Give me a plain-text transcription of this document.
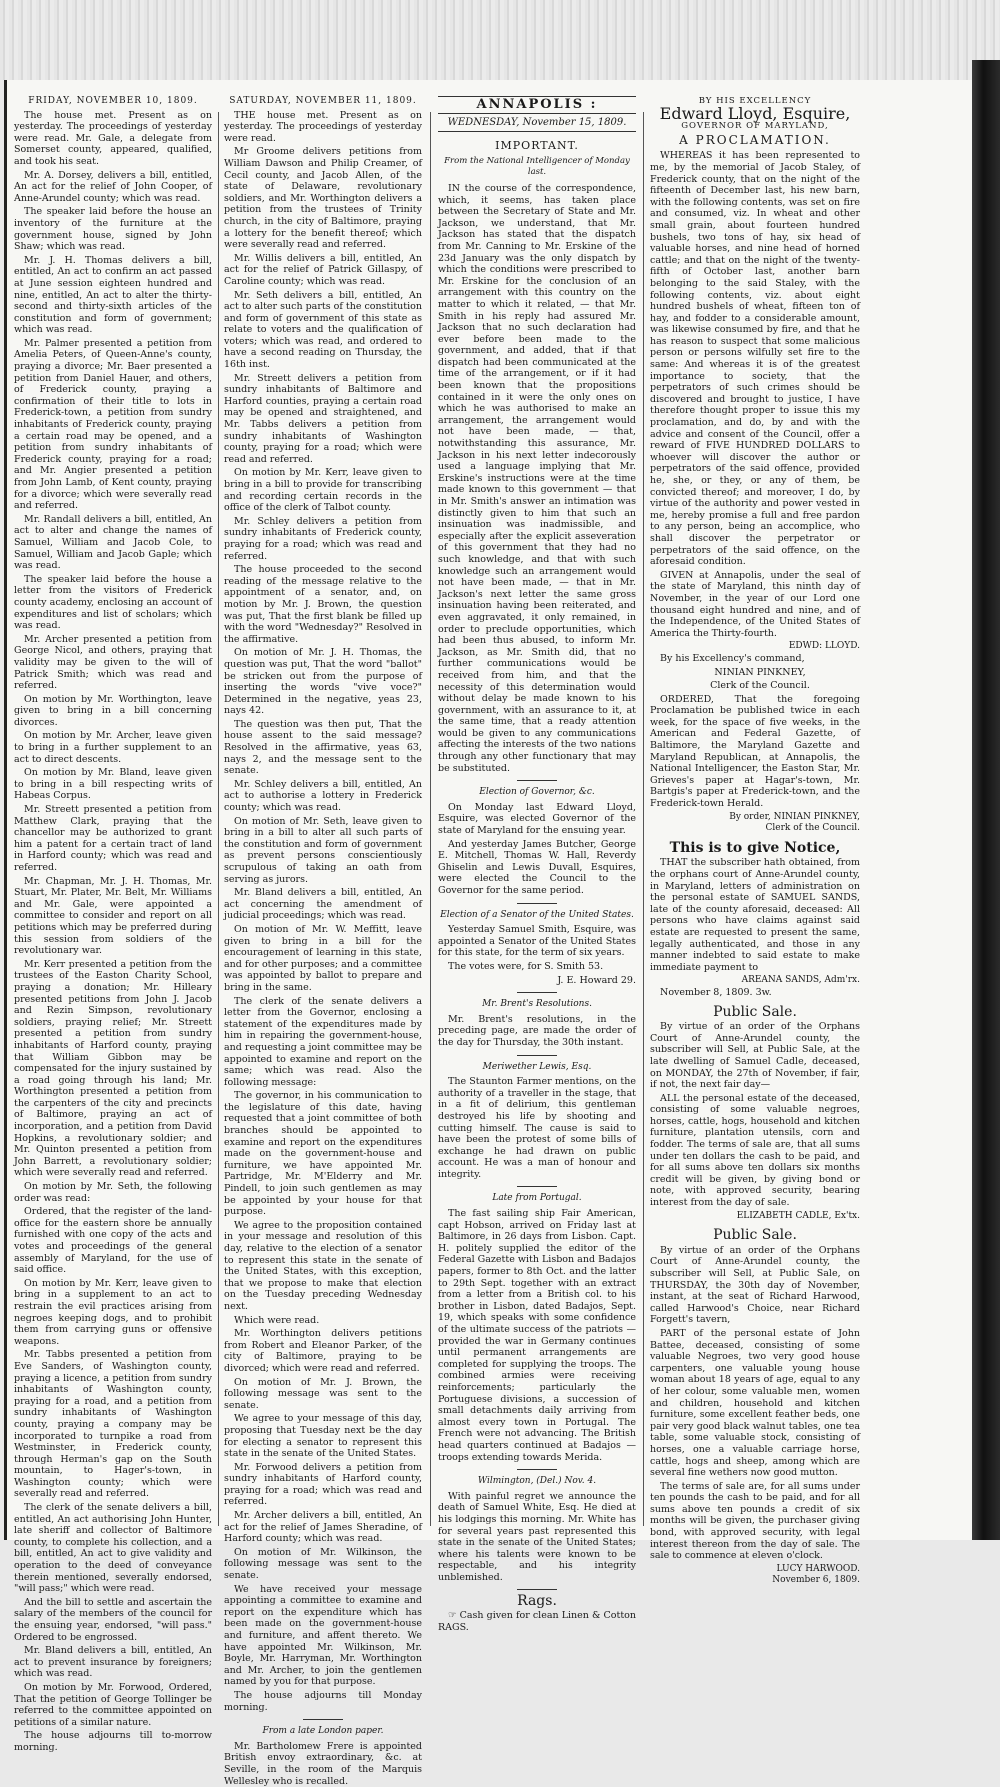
FRIDAY, NOVEMBER 10, 1809.

The house met. Present as on yesterday. The proceedings of yesterday were read. Mr. Gale, a delegate from Somerset county, appeared, qualified, and took his seat.

Mr. A. Dorsey, delivers a bill, entitled, An act for the relief of John Cooper, of Anne-Arundel county; which was read.

The speaker laid before the house an inventory of the furniture at the government house, signed by John Shaw; which was read.

Mr. J. H. Thomas delivers a bill, entitled, An act to confirm an act passed at June session eighteen hundred and nine, entitled, An act to alter the thirty-second and thirty-sixth articles of the constitution and form of government; which was read.

Mr. Palmer presented a petition from Amelia Peters, of Queen-Anne's county, praying a divorce; Mr. Baer presented a petition from Daniel Hauer, and others, of Frederick county, praying a confirmation of their title to lots in Frederick-town, a petition from sundry inhabitants of Frederick county, praying a certain road may be opened, and a petition from sundry inhabitants of Frederick county, praying for a road; and Mr. Angier presented a petition from John Lamb, of Kent county, praying for a divorce; which were severally read and referred.

Mr. Randall delivers a bill, entitled, An act to alter and change the names of Samuel, William and Jacob Cole, to Samuel, William and Jacob Gaple; which was read.

The speaker laid before the house a letter from the visitors of Frederick county academy, enclosing an account of expenditures and list of scholars; which was read.

Mr. Archer presented a petition from George Nicol, and others, praying that validity may be given to the will of Patrick Smith; which was read and referred.

On motion by Mr. Worthington, leave given to bring in a bill concerning divorces.

On motion by Mr. Archer, leave given to bring in a further supplement to an act to direct descents.

On motion by Mr. Bland, leave given to bring in a bill respecting writs of Habeas Corpus.

Mr. Streett presented a petition from Matthew Clark, praying that the chancellor may be authorized to grant him a patent for a certain tract of land in Harford county; which was read and referred.

Mr. Chapman, Mr. J. H. Thomas, Mr. Stuart, Mr. Plater, Mr. Belt, Mr. Williams and Mr. Gale, were appointed a committee to consider and report on all petitions which may be preferred during this session from soldiers of the revolutionary war.

Mr. Kerr presented a petition from the trustees of the Easton Charity School, praying a donation; Mr. Hilleary presented petitions from John J. Jacob and Rezin Simpson, revolutionary soldiers, praying relief; Mr. Streett presented a petition from sundry inhabitants of Harford county, praying that William Gibbon may be compensated for the injury sustained by a road going through his land; Mr. Worthington presented a petition from the carpenters of the city and precincts of Baltimore, praying an act of incorporation, and a petition from David Hopkins, a revolutionary soldier; and Mr. Quinton presented a petition from John Barrett, a revolutionary soldier; which were severally read and referred.

On motion by Mr. Seth, the following order was read:

Ordered, that the register of the land-office for the eastern shore be annually furnished with one copy of the acts and votes and proceedings of the general assembly of Maryland, for the use of said office.

On motion by Mr. Kerr, leave given to bring in a supplement to an act to restrain the evil practices arising from negroes keeping dogs, and to prohibit them from carrying guns or offensive weapons.

Mr. Tabbs presented a petition from Eve Sanders, of Washington county, praying a licence, a petition from sundry inhabitants of Washington county, praying for a road, and a petition from sundry inhabitants of Washington county, praying a company may be incorporated to turnpike a road from Westminster, in Frederick county, through Herman's gap on the South mountain, to Hager's-town, in Washington county; which were severally read and referred.

The clerk of the senate delivers a bill, entitled, An act authorising John Hunter, late sheriff and collector of Baltimore county, to complete his collection, and a bill, entitled, An act to give validity and operation to the deed of conveyance therein mentioned, severally endorsed, "will pass;" which were read.

And the bill to settle and ascertain the salary of the members of the council for the ensuing year, endorsed, "will pass." Ordered to be engrossed.

Mr. Bland delivers a bill, entitled, An act to prevent insurance by foreigners; which was read.

On motion by Mr. Forwood, Ordered, That the petition of George Tollinger be referred to the committee appointed on petitions of a similar nature.

The house adjourns till to-morrow morning.

SATURDAY, NOVEMBER 11, 1809.

THE house met. Present as on yesterday. The proceedings of yesterday were read.

Mr Groome delivers petitions from William Dawson and Philip Creamer, of Cecil county, and Jacob Allen, of the state of Delaware, revolutionary soldiers, and Mr. Worthington delivers a petition from the trustees of Trinity church, in the city of Baltimore, praying a lottery for the benefit thereof; which were severally read and referred.

Mr. Willis delivers a bill, entitled, An act for the relief of Patrick Gillaspy, of Caroline county; which was read.

Mr. Seth delivers a bill, entitled, An act to alter such parts of the constitution and form of government of this state as relate to voters and the qualification of voters; which was read, and ordered to have a second reading on Thursday, the 16th inst.

Mr. Streett delivers a petition from sundry inhabitants of Baltimore and Harford counties, praying a certain road may be opened and straightened, and Mr. Tabbs delivers a petition from sundry inhabitants of Washington county, praying for a road; which were read and referred.

On motion by Mr. Kerr, leave given to bring in a bill to provide for transcribing and recording certain records in the office of the clerk of Talbot county.

Mr. Schley delivers a petition from sundry inhabitants of Frederick county, praying for a road; which was read and referred.

The house proceeded to the second reading of the message relative to the appointment of a senator, and, on motion by Mr. J. Brown, the question was put, That the first blank be filled up with the word "Wednesday?" Resolved in the affirmative.

On motion of Mr. J. H. Thomas, the question was put, That the word "ballot" be stricken out from the purpose of inserting the words "vive voce?" Determined in the negative, yeas 23, nays 42.

The question was then put, That the house assent to the said message? Resolved in the affirmative, yeas 63, nays 2, and the message sent to the senate.

Mr. Schley delivers a bill, entitled, An act to authorise a lottery in Frederick county; which was read.

On motion of Mr. Seth, leave given to bring in a bill to alter all such parts of the constitution and form of government as prevent persons conscientiously scrupulous of taking an oath from serving as jurors.

Mr. Bland delivers a bill, entitled, An act concerning the amendment of judicial proceedings; which was read.

On motion of Mr. W. Meffitt, leave given to bring in a bill for the encouragement of learning in this state, and for other purposes; and a committee was appointed by ballot to prepare and bring in the same.

The clerk of the senate delivers a letter from the Governor, enclosing a statement of the expenditures made by him in repairing the government-house, and requesting a joint committee may be appointed to examine and report on the same; which was read. Also the following message:

The governor, in his communication to the legislature of this date, having requested that a joint committee of both branches should be appointed to examine and report on the expenditures made on the government-house and furniture, we have appointed Mr. Partridge, Mr. M'Elderry and Mr. Pindell, to join such gentlemen as may be appointed by your house for that purpose.

We agree to the proposition contained in your message and resolution of this day, relative to the election of a senator to represent this state in the senate of the United States, with this exception, that we propose to make that election on the Tuesday preceding Wednesday next.

Which were read.

Mr. Worthington delivers petitions from Robert and Eleanor Parker, of the city of Baltimore, praying to be divorced; which were read and referred.

On motion of Mr. J. Brown, the following message was sent to the senate.

We agree to your message of this day, proposing that Tuesday next be the day for electing a senator to represent this state in the senate of the United States.

Mr. Forwood delivers a petition from sundry inhabitants of Harford county, praying for a road; which was read and referred.

Mr. Archer delivers a bill, entitled, An act for the relief of James Sheradine, of Harford county; which was read.

On motion of Mr. Wilkinson, the following message was sent to the senate.

We have received your message appointing a committee to examine and report on the expenditure which has been made on the government-house and furniture, and affent thereto. We have appointed Mr. Wilkinson, Mr. Boyle, Mr. Harryman, Mr. Worthington and Mr. Archer, to join the gentlemen named by you for that purpose.

The house adjourns till Monday morning.

From a late London paper.

Mr. Bartholomew Frere is appointed British envoy extraordinary, &c. at Seville, in the room of the Marquis Wellesley who is recalled.

ANNAPOLIS :
WEDNESDAY, November 15, 1809.
IMPORTANT.
From the National Intelligencer of Monday last.

IN the course of the correspondence, which, it seems, has taken place between the Secretary of State and Mr. Jackson, we understand, that Mr. Jackson has stated that the dispatch from Mr. Canning to Mr. Erskine of the 23d January was the only dispatch by which the conditions were prescribed to Mr. Erskine for the conclusion of an arrangement with this country on the matter to which it related, — that Mr. Smith in his reply had assured Mr. Jackson that no such declaration had ever before been made to the government, and added, that if that dispatch had been communicated at the time of the arrangement, or if it had been known that the propositions contained in it were the only ones on which he was authorised to make an arrangement, the arrangement would not have been made, — that, notwithstanding this assurance, Mr. Jackson in his next letter indecorously used a language implying that Mr. Erskine's instructions were at the time made known to this government — that in Mr. Smith's answer an intimation was distinctly given to him that such an insinuation was inadmissible, and especially after the explicit asseveration of this government that they had no such knowledge, and that with such knowledge such an arrangement would not have been made, — that in Mr. Jackson's next letter the same gross insinuation having been reiterated, and even aggravated, it only remained, in order to preclude opportunities, which had been thus abused, to inform Mr. Jackson, as Mr. Smith did, that no further communications would be received from him, and that the necessity of this determination would without delay be made known to his government, with an assurance to it, at the same time, that a ready attention would be given to any communications affecting the interests of the two nations through any other functionary that may be substituted.

Election of Governor, &c.

On Monday last Edward Lloyd, Esquire, was elected Governor of the state of Maryland for the ensuing year.

And yesterday James Butcher, George E. Mitchell, Thomas W. Hall, Reverdy Ghiselin and Lewis Duvall, Esquires, were elected the Council to the Governor for the same period.

Election of a Senator of the United States.

Yesterday Samuel Smith, Esquire, was appointed a Senator of the United States for this state, for the term of six years.

The votes were, for S. Smith 53.

J. E. Howard 29.

Mr. Brent's Resolutions.

Mr. Brent's resolutions, in the preceding page, are made the order of the day for Thursday, the 30th instant.

Meriwether Lewis, Esq.

The Staunton Farmer mentions, on the authority of a traveller in the stage, that in a fit of delirium, this gentleman destroyed his life by shooting and cutting himself. The cause is said to have been the protest of some bills of exchange he had drawn on public account. He was a man of honour and integrity.

Late from Portugal.

The fast sailing ship Fair American, capt Hobson, arrived on Friday last at Baltimore, in 26 days from Lisbon. Capt. H. politely supplied the editor of the Federal Gazette with Lisbon and Badajos papers, former to 8th Oct. and the latter to 29th Sept. together with an extract from a letter from a British col. to his brother in Lisbon, dated Badajos, Sept. 19, which speaks with some confidence of the ultimate success of the patriots — provided the war in Germany continues until permanent arrangements are completed for supplying the troops. The combined armies were receiving reinforcements; particularly the Portuguese divisions, a succession of small detachments daily arriving from almost every town in Portugal. The French were not advancing. The British head quarters continued at Badajos — troops extending towards Merida.

Wilmington, (Del.) Nov. 4.

With painful regret we announce the death of Samuel White, Esq. He died at his lodgings this morning. Mr. White has for several years past represented this state in the senate of the United States; where his talents were known to be respectable, and his integrity unblemished.

Rags.

☞ Cash given for clean Linen & Cotton RAGS.

BY HIS EXCELLENCY
Edward Lloyd, Esquire,
GOVERNOR OF MARYLAND,
A PROCLAMATION.

WHEREAS it has been represented to me, by the memorial of Jacob Staley, of Frederick county, that on the night of the fifteenth of December last, his new barn, with the following contents, was set on fire and consumed, viz. In wheat and other small grain, about fourteen hundred bushels, two tons of hay, six head of valuable horses, and nine head of horned cattle; and that on the night of the twenty-fifth of October last, another barn belonging to the said Staley, with the following contents, viz. about eight hundred bushels of wheat, fifteen ton of hay, and fodder to a considerable amount, was likewise consumed by fire, and that he has reason to suspect that some malicious person or persons wilfully set fire to the same: And whereas it is of the greatest importance to society, that the perpetrators of such crimes should be discovered and brought to justice, I have therefore thought proper to issue this my proclamation, and do, by and with the advice and consent of the Council, offer a reward of FIVE HUNDRED DOLLARS to whoever will discover the author or perpetrators of the said offence, provided he, she, or they, or any of them, be convicted thereof; and moreover, I do, by virtue of the authority and power vested in me, hereby promise a full and free pardon to any person, being an accomplice, who shall discover the perpetrator or perpetrators of the said offence, on the aforesaid condition.

GIVEN at Annapolis, under the seal of the state of Maryland, this ninth day of November, in the year of our Lord one thousand eight hundred and nine, and of the Independence, of the United States of America the Thirty-fourth.

EDWD: LLOYD.

By his Excellency's command,

NINIAN PINKNEY,

Clerk of the Council.

ORDERED, That the foregoing Proclamation be published twice in each week, for the space of five weeks, in the American and Federal Gazette, of Baltimore, the Maryland Gazette and Maryland Republican, at Annapolis, the National Intelligencer, the Easton Star, Mr. Grieves's paper at Hagar's-town, Mr. Bartgis's paper at Frederick-town, and the Frederick-town Herald.

By order, NINIAN PINKNEY,
Clerk of the Council.
This is to give Notice,

THAT the subscriber hath obtained, from the orphans court of Anne-Arundel county, in Maryland, letters of administration on the personal estate of SAMUEL SANDS, late of the county aforesaid, deceased: All persons who have claims against said estate are requested to present the same, legally authenticated, and those in any manner indebted to said estate to make immediate payment to

AREANA SANDS, Adm'rx.

November 8, 1809. 3w.

Public Sale.

By virtue of an order of the Orphans Court of Anne-Arundel county, the subscriber will Sell, at Public Sale, at the late dwelling of Samuel Cadle, deceased, on MONDAY, the 27th of November, if fair, if not, the next fair day—

ALL the personal estate of the deceased, consisting of some valuable negroes, horses, cattle, hogs, household and kitchen furniture, plantation utensils, corn and fodder. The terms of sale are, that all sums under ten dollars the cash to be paid, and for all sums above ten dollars six months credit will be given, by giving bond or note, with approved security, bearing interest from the day of sale.

ELIZABETH CADLE, Ex'tx.
Public Sale.

By virtue of an order of the Orphans Court of Anne-Arundel county, the subscriber will Sell, at Public Sale, on THURSDAY, the 30th day of November, instant, at the seat of Richard Harwood, called Harwood's Choice, near Richard Forgett's tavern,

PART of the personal estate of John Battee, deceased, consisting of some valuable Negroes, two very good house carpenters, one valuable young house woman about 18 years of age, equal to any of her colour, some valuable men, women and children, household and kitchen furniture, some excellent feather beds, one pair very good black walnut tables, one tea table, some valuable stock, consisting of horses, one a valuable carriage horse, cattle, hogs and sheep, among which are several fine wethers now good mutton.

The terms of sale are, for all sums under ten pounds the cash to be paid, and for all sums above ten pounds a credit of six months will be given, the purchaser giving bond, with approved security, with legal interest thereon from the day of sale. The sale to commence at eleven o'clock.

LUCY HARWOOD.
November 6, 1809.
